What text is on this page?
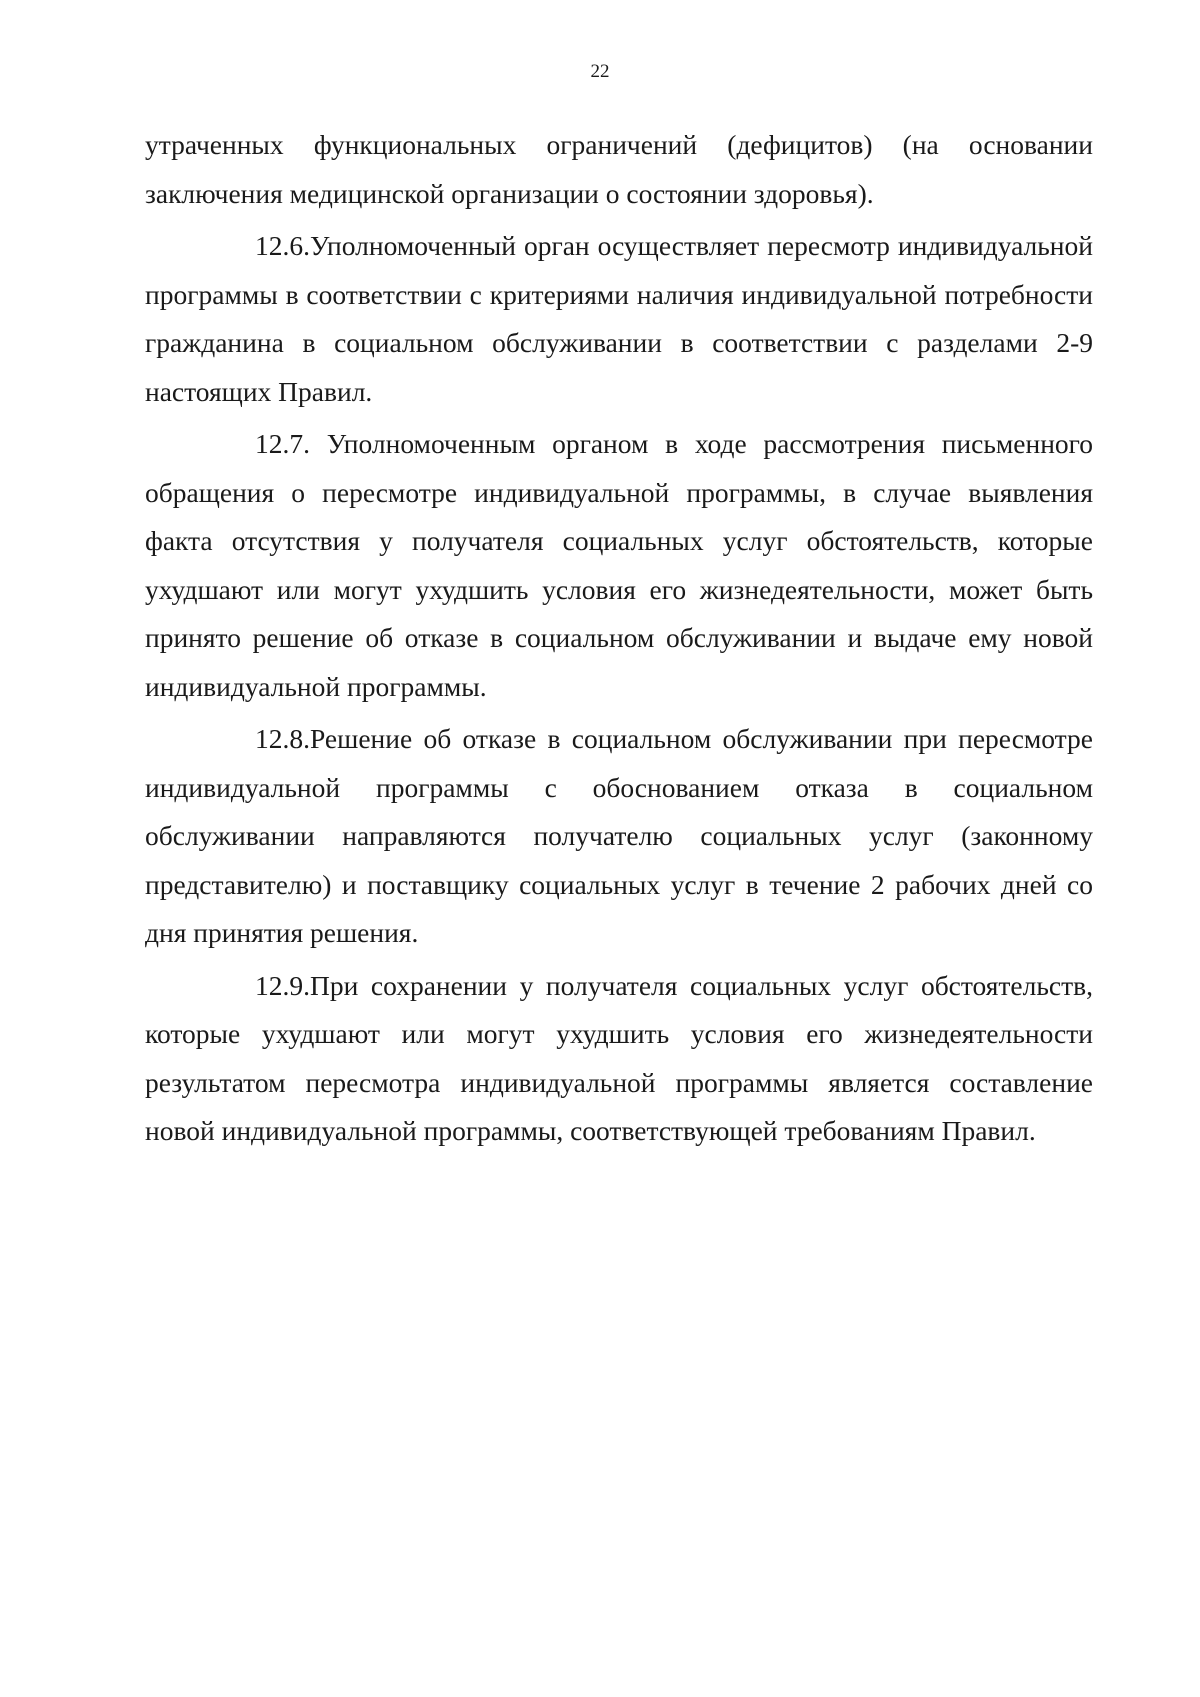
22

утраченных функциональных ограничений (дефицитов) (на основании заключения медицинской организации о состоянии здоровья).

12.6.Уполномоченный орган осуществляет пересмотр индивидуальной программы в соответствии с критериями наличия индивидуальной потребности гражданина в социальном обслуживании в соответствии с разделами 2-9 настоящих Правил.

12.7. Уполномоченным органом в ходе рассмотрения письменного обращения о пересмотре индивидуальной программы, в случае выявления факта отсутствия у получателя социальных услуг обстоятельств, которые ухудшают или могут ухудшить условия его жизнедеятельности, может быть принято решение об отказе в социальном обслуживании и выдаче ему новой индивидуальной программы.

12.8.Решение об отказе в социальном обслуживании при пересмотре индивидуальной программы с обоснованием отказа в социальном обслуживании направляются получателю социальных услуг (законному представителю) и поставщику социальных услуг в течение 2 рабочих дней со дня принятия решения.

12.9.При сохранении у получателя социальных услуг обстоятельств, которые ухудшают или могут ухудшить условия его жизнедеятельности результатом пересмотра индивидуальной программы является составление новой индивидуальной программы, соответствующей требованиям Правил.
